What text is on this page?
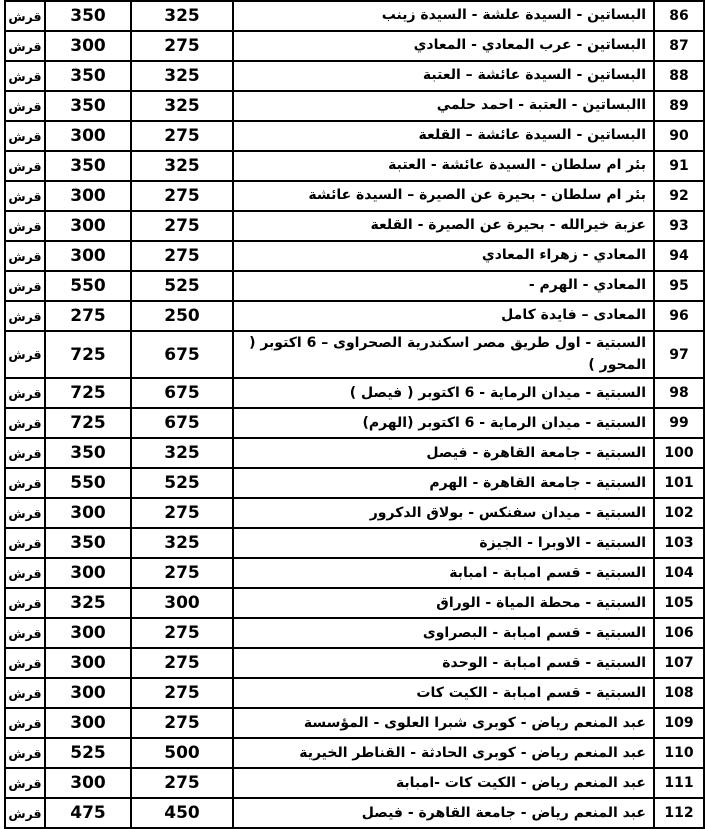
86	البساتين - السيدة علشة - السيدة زينب	325	350	قرش
87	البساتين - عرب المعادي - المعادي	275	300	قرش
88	البساتين - السيدة عائشة – العتبة	325	350	قرش
89	االبساتين - العتبة - احمد حلمي	325	350	قرش
90	البساتين - السيدة عائشة – القلعة	275	300	قرش
91	بئر ام سلطان - السيدة عائشة - العتبة	325	350	قرش
92	بئر ام سلطان - بحيرة عن الصيرة – السيدة عائشة	275	300	قرش
93	عزبة خيرالله - بحيرة عن الصيرة - القلعة	275	300	قرش
94	المعادي - زهراء المعادي	275	300	قرش
95	المعادي - الهرم -	525	550	قرش
96	المعادى – فايدة كامل	250	275	قرش
97	السبتية - اول طريق مصر اسكندرية الصحراوى – 6 اكتوبر ( المحور )	675	725	قرش
98	السبتية - ميدان الرماية - 6 اكتوبر ( فيصل )	675	725	قرش
99	السبتية - ميدان الرماية - 6 اكتوبر (الهرم)	675	725	قرش
100	السبتية - جامعة القاهرة - فيصل	325	350	قرش
101	السبتية - جامعة القاهرة - الهرم	525	550	قرش
102	السبتية - ميدان سفنكس - بولاق الدكرور	275	300	قرش
103	السبتية - الاوبرا - الجيزة	325	350	قرش
104	السبتية - قسم امبابة - امبابة	275	300	قرش
105	السبتية - محطة المياة - الوراق	300	325	قرش
106	السبتية - قسم امبابة - البصراوى	275	300	قرش
107	السبتية - قسم امبابة - الوحدة	275	300	قرش
108	السبتية - قسم امبابة - الكيت كات	275	300	قرش
109	عبد المنعم رياض - كوبرى شبرا العلوى - المؤسسة	275	300	قرش
110	عبد المنعم رياض - كوبرى الحادثة - القناطر الخيرية	500	525	قرش
111	عبد المنعم رياض - الكيت كات -امبابة	275	300	قرش
112	عبد المنعم رياض - جامعة القاهرة - فيصل	450	475	قرش
